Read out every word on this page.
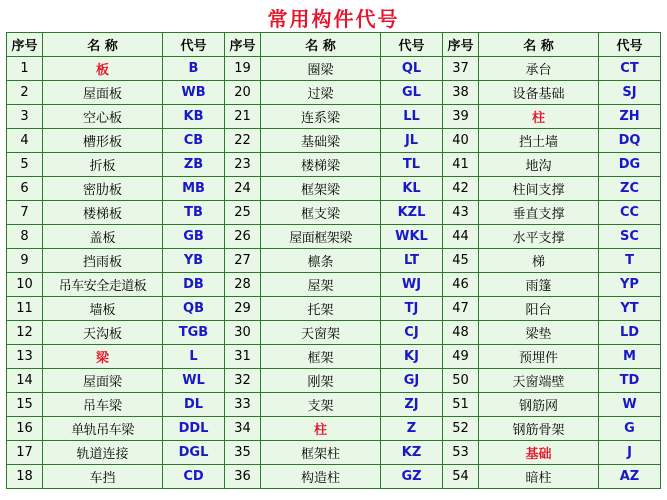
常用构件代号
序号	名 称	代号	序号	名 称	代号	序号	名 称	代号
1	板	B	19	圈梁	QL	37	承台	CT
2	屋面板	WB	20	过梁	GL	38	设备基础	SJ
3	空心板	KB	21	连系梁	LL	39	柱	ZH
4	槽形板	CB	22	基础梁	JL	40	挡土墙	DQ
5	折板	ZB	23	楼梯梁	TL	41	地沟	DG
6	密肋板	MB	24	框架梁	KL	42	柱间支撑	ZC
7	楼梯板	TB	25	框支梁	KZL	43	垂直支撑	CC
8	盖板	GB	26	屋面框架梁	WKL	44	水平支撑	SC
9	挡雨板	YB	27	檩条	LT	45	梯	T
10	吊车安全走道板	DB	28	屋架	WJ	46	雨篷	YP
11	墙板	QB	29	托架	TJ	47	阳台	YT
12	天沟板	TGB	30	天窗架	CJ	48	梁垫	LD
13	梁	L	31	框架	KJ	49	预埋件	M
14	屋面梁	WL	32	刚架	GJ	50	天窗端壁	TD
15	吊车梁	DL	33	支架	ZJ	51	钢筋网	W
16	单轨吊车梁	DDL	34	柱	Z	52	钢筋骨架	G
17	轨道连接	DGL	35	框架柱	KZ	53	基础	J
18	车挡	CD	36	构造柱	GZ	54	暗柱	AZ
